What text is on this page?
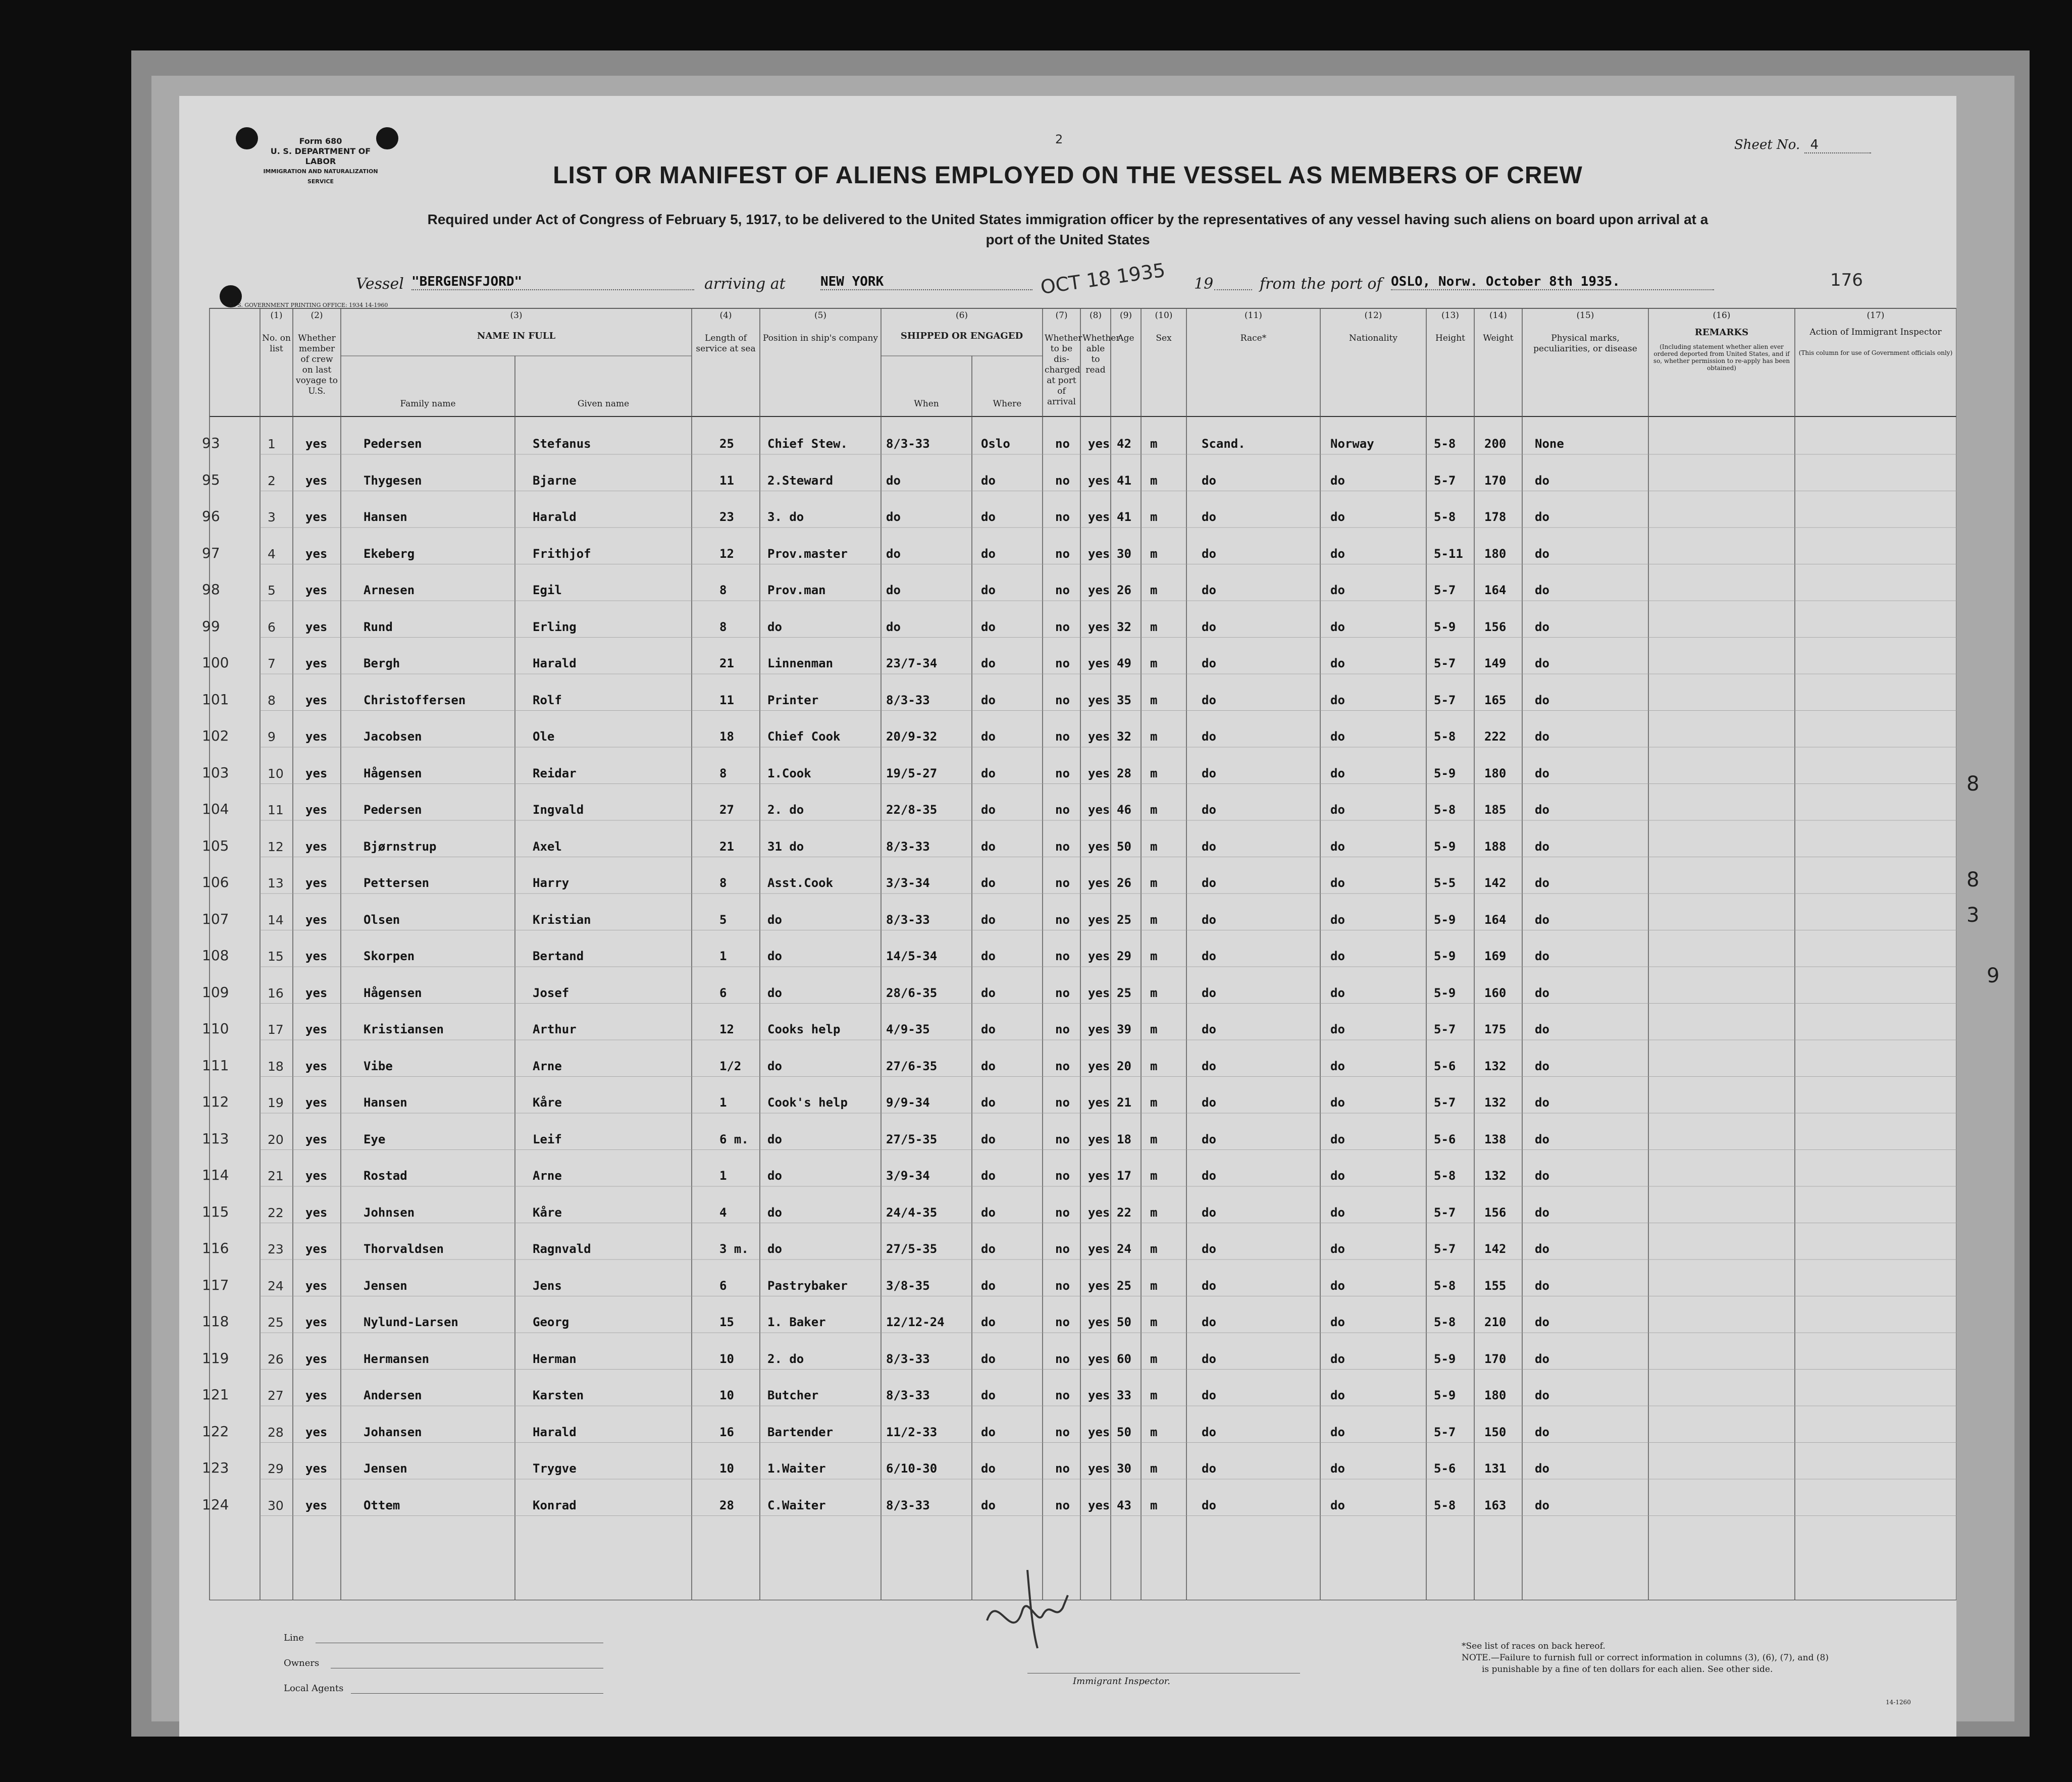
Form 680
U. S. DEPARTMENT OF LABOR
IMMIGRATION AND NATURALIZATION SERVICE
2	Sheet No. 4
LIST OR MANIFEST OF ALIENS EMPLOYED ON THE VESSEL AS MEMBERS OF CREW
Required under Act of Congress of February 5, 1917, to be delivered to the United States immigration officer by the representatives of any vessel having such aliens on board upon arrival at a
port of the United States
Vessel "BERGENSFJORD"	arriving at	NEW YORK	OCT 18 1935 19	from the port of OSLO, Norw. October 8th 1935.	176
U. S. GOVERNMENT PRINTING OFFICE: 1934 14-1960
(1)
No. on list
(2)
Whether member of crew on last voyage to U.S.
(3)
NAME IN FULL
(4)
Length of service at sea
(5)
Position in ship's company
(6)
SHIPPED OR ENGAGED
(7)
Whether to be dis-charged at port of arrival
(8)
Whether able to read
(9)
Age
(10)
Sex
(11)
Race*
(12)
Nationality
(13)
Height
(14)
Weight
(15)
Physical marks, peculiarities, or disease
(16)
REMARKS
(17)
Action of Immigrant Inspector
Family name	Given name	When	Where
(Including statement whether alien ever ordered deported from United States, and if so, whether permission to re-apply has been obtained)
(This column for use of Government officials only)
93	1 yes	Pedersen	Stefanus	25	Chief Stew.	8/3-33	Oslo	no yes 42 m	Scand.	Norway	5-8 200 None
95	2 yes	Thygesen	Bjarne	11	2.Steward	do	do	no yes 41 m	do	do	5-7 170 do
96	3 yes	Hansen	Harald	23	3. do	do	do	no yes 41 m	do	do	5-8 178 do
97	4 yes	Ekeberg	Frithjof	12	Prov.master	do	do	no yes 30 m	do	do	5-11 180 do
98	5 yes	Arnesen	Egil	8	Prov.man	do	do	no yes 26 m	do	do	5-7 164 do
99	6 yes	Rund	Erling	8	do	do	do	no yes 32 m	do	do	5-9 156 do
100	7 yes	Bergh	Harald	21	Linnenman	23/7-34	do	no yes 49 m	do	do	5-7 149 do
101	8 yes	Christoffersen	Rolf	11	Printer	8/3-33	do	no yes 35 m	do	do	5-7 165 do
102	9 yes	Jacobsen	Ole	18	Chief Cook	20/9-32	do	no yes 32 m	do	do	5-8 222 do
103	10 yes	Hågensen	Reidar	8	1.Cook	19/5-27	do	no yes 28 m	do	do	5-9 180 do
104	11 yes	Pedersen	Ingvald	27	2. do	22/8-35	do	no yes 46 m	do	do	5-8 185 do
105	12 yes	Bjørnstrup	Axel	21	31 do	8/3-33	do	no yes 50 m	do	do	5-9 188 do
106	13 yes	Pettersen	Harry	8	Asst.Cook	3/3-34	do	no yes 26 m	do	do	5-5 142 do
107	14 yes	Olsen	Kristian	5	do	8/3-33	do	no yes 25 m	do	do	5-9 164 do
108	15 yes	Skorpen	Bertand	1	do	14/5-34	do	no yes 29 m	do	do	5-9 169 do
109	16 yes	Hågensen	Josef	6	do	28/6-35	do	no yes 25 m	do	do	5-9 160 do
110	17 yes	Kristiansen	Arthur	12	Cooks help	4/9-35	do	no yes 39 m	do	do	5-7 175 do
111	18 yes	Vibe	Arne	1/2 do	27/6-35	do	no yes 20 m	do	do	5-6 132 do
112	19 yes	Hansen	Kåre	1	Cook's help	9/9-34	do	no yes 21 m	do	do	5-7 132 do
113	20 yes	Eye	Leif	6 m. do	27/5-35	do	no yes 18 m	do	do	5-6 138 do
114	21 yes	Rostad	Arne	1	do	3/9-34	do	no yes 17 m	do	do	5-8 132 do
115	22 yes	Johnsen	Kåre	4	do	24/4-35	do	no yes 22 m	do	do	5-7 156 do
116	23 yes	Thorvaldsen	Ragnvald	3 m. do	27/5-35	do	no yes 24 m	do	do	5-7 142 do
117	24 yes	Jensen	Jens	6	Pastrybaker	3/8-35	do	no yes 25 m	do	do	5-8 155 do
118	25 yes	Nylund-Larsen	Georg	15	1. Baker	12/12-24	do	no yes 50 m	do	do	5-8 210 do
119	26 yes	Hermansen	Herman	10	2. do	8/3-33	do	no yes 60 m	do	do	5-9 170 do
121	27 yes	Andersen	Karsten	10	Butcher	8/3-33	do	no yes 33 m	do	do	5-9 180 do
122	28 yes	Johansen	Harald	16	Bartender	11/2-33	do	no yes 50 m	do	do	5-7 150 do
123	29 yes	Jensen	Trygve	10	1.Waiter	6/10-30	do	no yes 30 m	do	do	5-6 131 do
124	30 yes	Ottem	Konrad	28	C.Waiter	8/3-33	do	no yes 43 m	do	do	5-8 163 do
Line
Owners
Local Agents
Immigrant Inspector.
*See list of races on back hereof.
NOTE.—Failure to furnish full or correct information in columns (3), (6), (7), and (8)
is punishable by a fine of ten dollars for each alien. See other side.
14-1260
8
8
3
9
